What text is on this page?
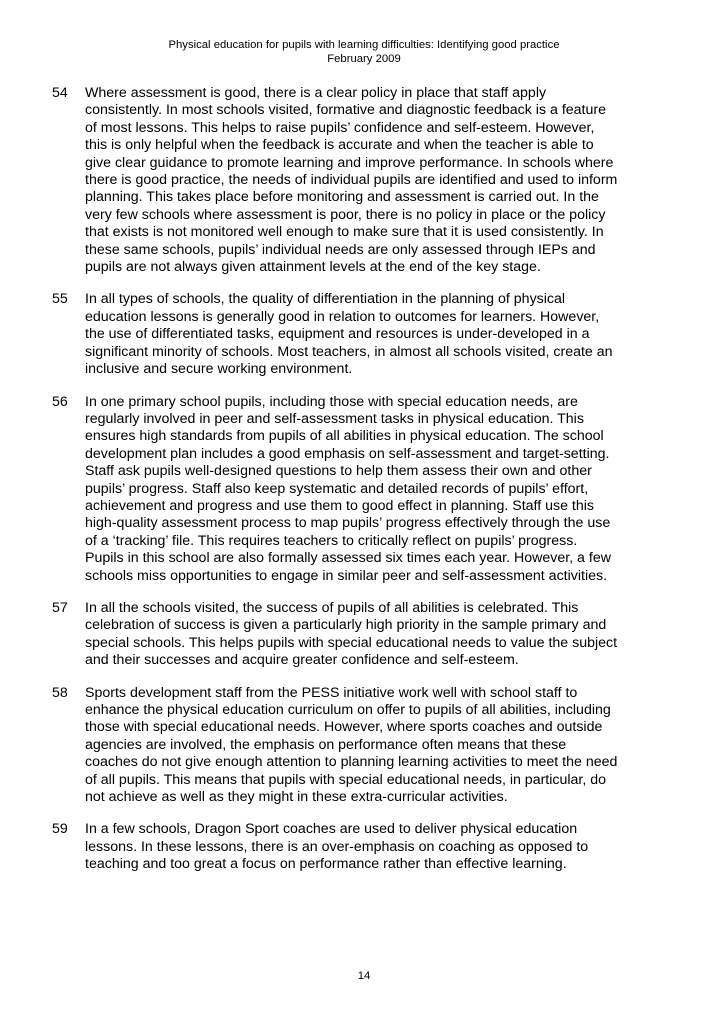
Physical education for pupils with learning difficulties: Identifying good practice
February 2009
54	Where assessment is good, there is a clear policy in place that staff apply
consistently. In most schools visited, formative and diagnostic feedback is a feature
of most lessons. This helps to raise pupils’ confidence and self-esteem. However,
this is only helpful when the feedback is accurate and when the teacher is able to
give clear guidance to promote learning and improve performance. In schools where
there is good practice, the needs of individual pupils are identified and used to inform
planning. This takes place before monitoring and assessment is carried out. In the
very few schools where assessment is poor, there is no policy in place or the policy
that exists is not monitored well enough to make sure that it is used consistently. In
these same schools, pupils’ individual needs are only assessed through IEPs and
pupils are not always given attainment levels at the end of the key stage.
55	In all types of schools, the quality of differentiation in the planning of physical
education lessons is generally good in relation to outcomes for learners. However,
the use of differentiated tasks, equipment and resources is under-developed in a
significant minority of schools. Most teachers, in almost all schools visited, create an
inclusive and secure working environment.
56	In one primary school pupils, including those with special education needs, are
regularly involved in peer and self-assessment tasks in physical education. This
ensures high standards from pupils of all abilities in physical education. The school
development plan includes a good emphasis on self-assessment and target-setting.
Staff ask pupils well-designed questions to help them assess their own and other
pupils’ progress. Staff also keep systematic and detailed records of pupils’ effort,
achievement and progress and use them to good effect in planning. Staff use this
high-quality assessment process to map pupils’ progress effectively through the use
of a ‘tracking’ file. This requires teachers to critically reflect on pupils’ progress.
Pupils in this school are also formally assessed six times each year. However, a few
schools miss opportunities to engage in similar peer and self-assessment activities.
57	In all the schools visited, the success of pupils of all abilities is celebrated. This
celebration of success is given a particularly high priority in the sample primary and
special schools. This helps pupils with special educational needs to value the subject
and their successes and acquire greater confidence and self-esteem.
58	Sports development staff from the PESS initiative work well with school staff to
enhance the physical education curriculum on offer to pupils of all abilities, including
those with special educational needs. However, where sports coaches and outside
agencies are involved, the emphasis on performance often means that these
coaches do not give enough attention to planning learning activities to meet the need
of all pupils. This means that pupils with special educational needs, in particular, do
not achieve as well as they might in these extra-curricular activities.
59	In a few schools, Dragon Sport coaches are used to deliver physical education
lessons. In these lessons, there is an over-emphasis on coaching as opposed to
teaching and too great a focus on performance rather than effective learning.
14
